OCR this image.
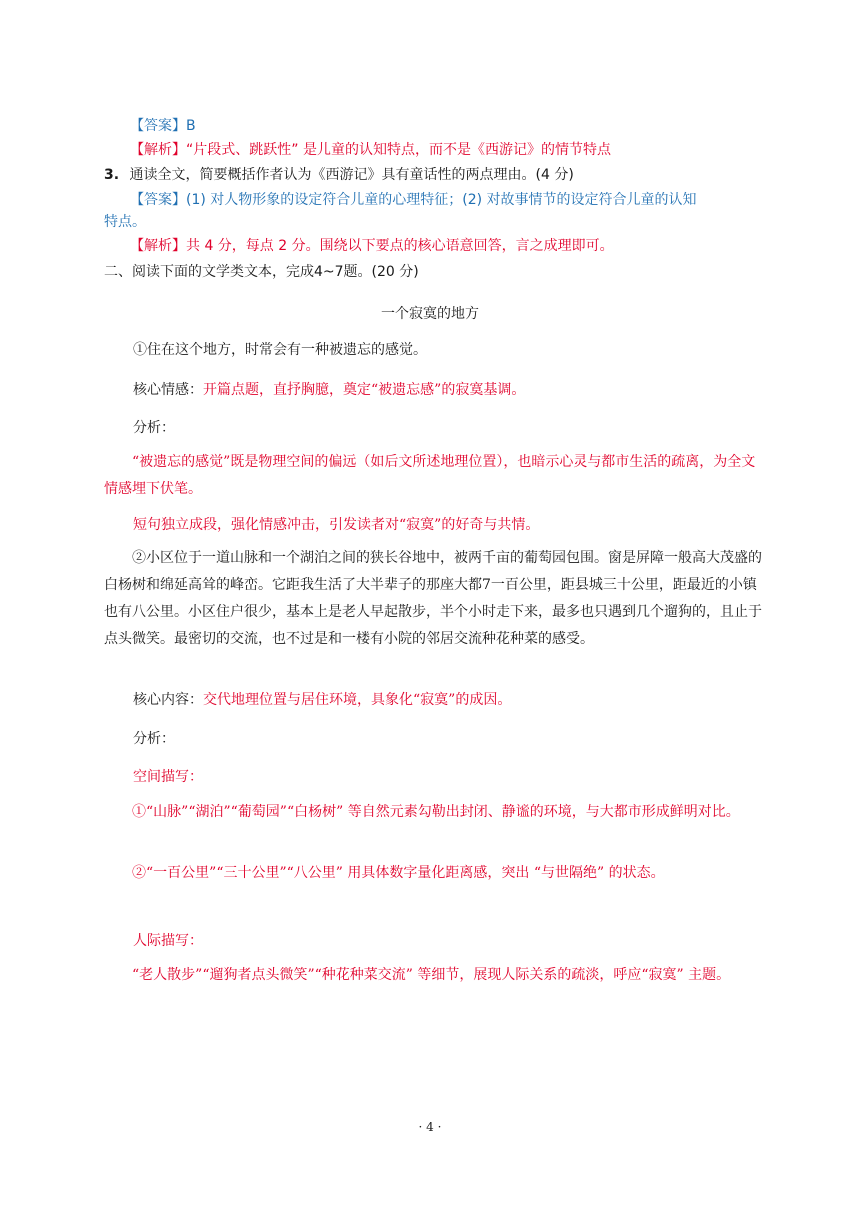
【答案】B
【解析】“片段式、跳跃性” 是儿童的认知特点，而不是《西游记》的情节特点
3. 通读全文，简要概括作者认为《西游记》具有童话性的两点理由。(4 分)
【答案】(1) 对人物形象的设定符合儿童的心理特征；(2) 对故事情节的设定符合儿童的认知
特点。
【解析】共 4 分，每点 2 分。围绕以下要点的核心语意回答，言之成理即可。
二、阅读下面的文学类文本，完成4~7题。(20 分)
一个寂寞的地方
①住在这个地方，时常会有一种被遗忘的感觉。
核心情感：开篇点题，直抒胸臆，奠定“被遗忘感”的寂寞基调。
分析：
“被遗忘的感觉”既是物理空间的偏远（如后文所述地理位置），也暗示心灵与都市生活的疏离，为全文情感埋下伏笔。
短句独立成段，强化情感冲击，引发读者对“寂寞”的好奇与共情。
②小区位于一道山脉和一个湖泊之间的狭长谷地中，被两千亩的葡萄园包围。窗是屏障一般高大茂盛的白杨树和绵延高耸的峰峦。它距我生活了大半辈子的那座大都7一百公里，距县城三十公里，距最近的小镇也有八公里。小区住户很少，基本上是老人早起散步，半个小时走下来，最多也只遇到几个遛狗的，且止于点头微笑。最密切的交流，也不过是和一楼有小院的邻居交流种花种菜的感受。
核心内容：交代地理位置与居住环境，具象化“寂寞”的成因。
分析：
空间描写：
①“山脉”“湖泊”“葡萄园”“白杨树” 等自然元素勾勒出封闭、静谧的环境，与大都市形成鲜明对比。
②“一百公里”“三十公里”“八公里” 用具体数字量化距离感，突出 “与世隔绝” 的状态。
人际描写：
“老人散步”“遛狗者点头微笑”“种花种菜交流” 等细节，展现人际关系的疏淡，呼应“寂寞” 主题。
· 4 ·
